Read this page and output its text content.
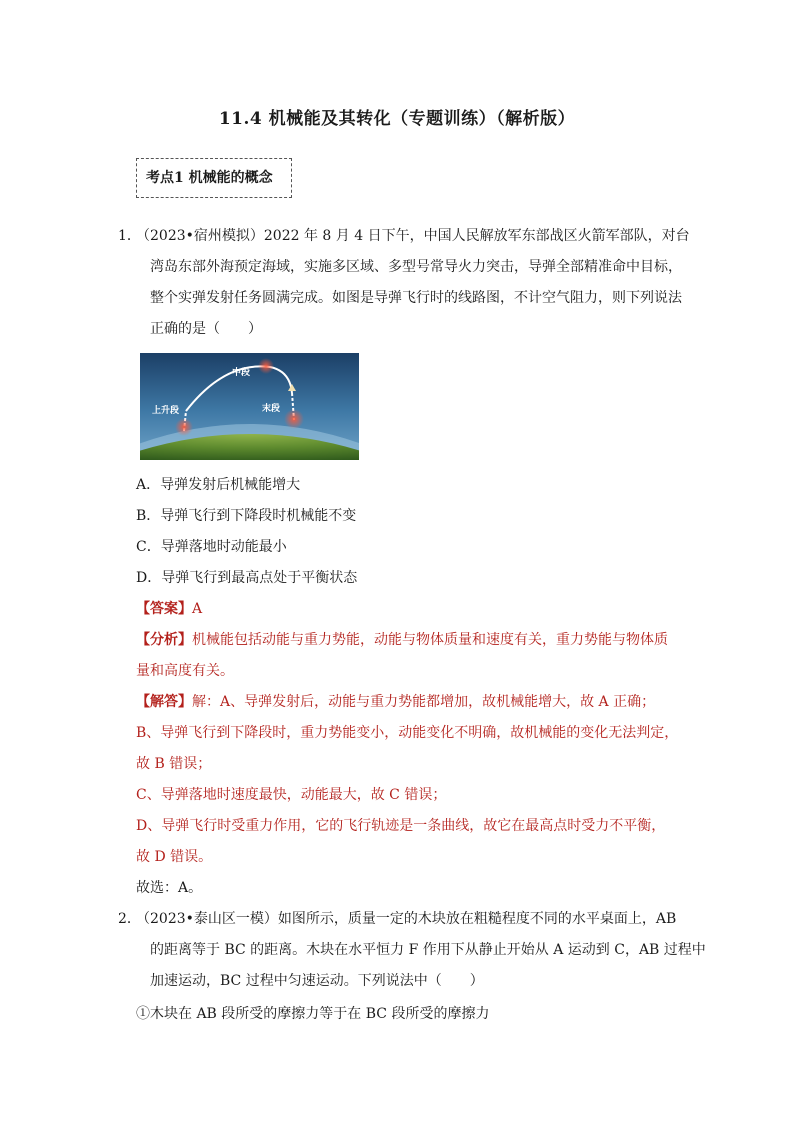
11.4 机械能及其转化（专题训练）（解析版）
考点1 机械能的概念
1．
（2023•宿州模拟）2022 年 8 月 4 日下午，中国人民解放军东部战区火箭军部队，对台
湾岛东部外海预定海域，实施多区域、多型号常导火力突击，导弹全部精准命中目标，
整个实弹发射任务圆满完成。如图是导弹飞行时的线路图，不计空气阻力，则下列说法
正确的是（　　）
中段
上升段	末段
A．导弹发射后机械能增大
B．导弹飞行到下降段时机械能不变
C．导弹落地时动能最小
D．导弹飞行到最高点处于平衡状态
【答案】A
【分析】机械能包括动能与重力势能，动能与物体质量和速度有关，重力势能与物体质
量和高度有关。
【解答】解：A、导弹发射后，动能与重力势能都增加，故机械能增大，故 A 正确；
B、导弹飞行到下降段时，重力势能变小，动能变化不明确，故机械能的变化无法判定，
故 B 错误；
C、导弹落地时速度最快，动能最大，故 C 错误；
D、导弹飞行时受重力作用，它的飞行轨迹是一条曲线，故它在最高点时受力不平衡，
故 D 错误。
故选：A。
2．
（2023•泰山区一模）如图所示，质量一定的木块放在粗糙程度不同的水平桌面上，AB
的距离等于 BC 的距离。木块在水平恒力 F 作用下从静止开始从 A 运动到 C，AB 过程中
加速运动，BC 过程中匀速运动。下列说法中（　　）
①木块在 AB 段所受的摩擦力等于在 BC 段所受的摩擦力
